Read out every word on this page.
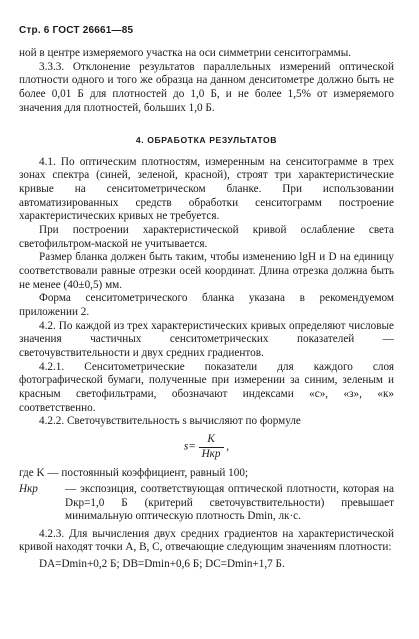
Стр. 6 ГОСТ 26661—85

ной в центре измеряемого участка на оси симметрии сенситограммы.

3.3.3. Отклонение результатов параллельных измерений оптической плотности одного и того же образца на данном денситометре должно быть не более 0,01 Б для плотностей до 1,0 Б, и не более 1,5% от измеряемого значения для плотностей, больших 1,0 Б.

4. ОБРАБОТКА РЕЗУЛЬТАТОВ

4.1. По оптическим плотностям, измеренным на сенситограмме в трех зонах спектра (синей, зеленой, красной), строят три характеристические кривые на сенситометрическом бланке. При использовании автоматизированных средств обработки сенситограмм построение характеристических кривых не требуется.

При построении характеристической кривой ослабление света светофильтром-маской не учитывается.

Размер бланка должен быть таким, чтобы изменению lgH и D на единицу соответствовали равные отрезки осей координат. Длина отрезка должна быть не менее (40±0,5) мм.

Форма сенситометрического бланка указана в рекомендуемом приложении 2.

4.2. По каждой из трех характеристических кривых определяют числовые значения частичных сенситометрических показателей — светочувствительности и двух средних градиентов.

4.2.1. Сенситометрические показатели для каждого слоя фотографической бумаги, полученные при измерении за синим, зеленым и красным светофильтрами, обозначают индексами «с», «з», «к» соответственно.

4.2.2. Светочувствительность s вычисляют по формуле

$s= \frac{K}{\text{Hкр}}$ ,

где K — постоянный коэффициент, равный 100;

Hкр	— экспозиция, соответствующая оптической плотности, которая на Dкр=1,0 Б (критерий светочувствительности) превышает минимальную оптическую плотность Dmin, лк·с.

4.2.3. Для вычисления двух средних градиентов на характеристической кривой находят точки А, В, С, отвечающие следующим значениям плотности:

DA=Dmin+0,2 Б; DB=Dmin+0,6 Б; DC=Dmin+1,7 Б.
